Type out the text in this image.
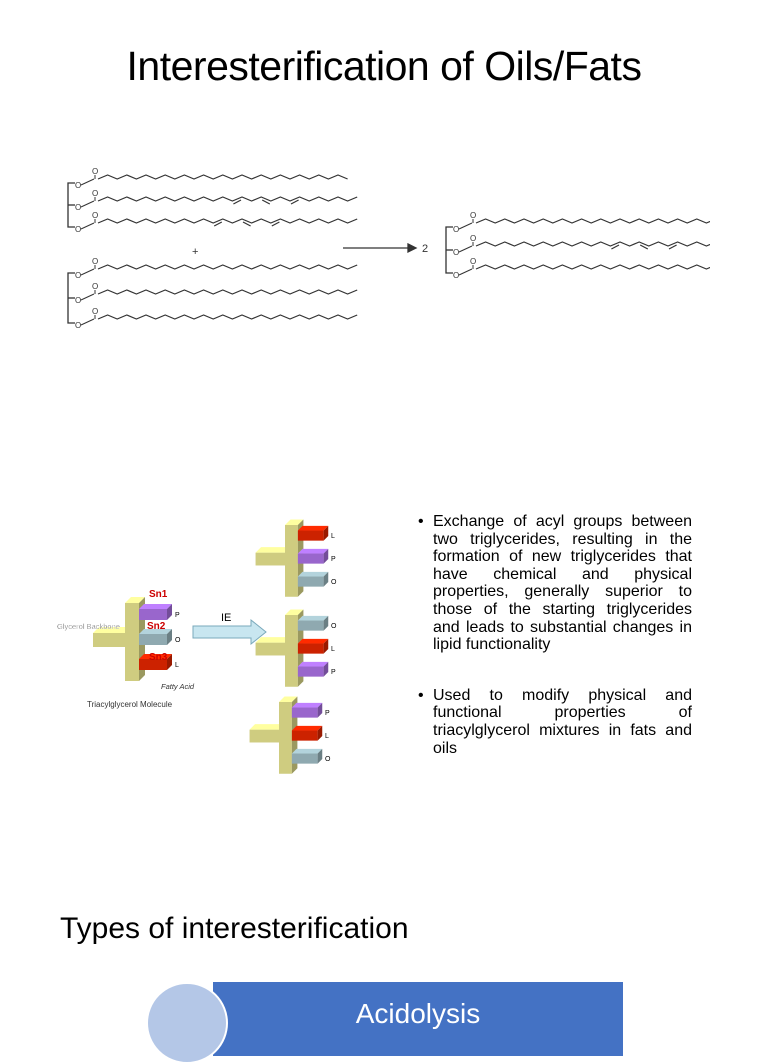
Interesterification of Oils/Fats
O
O
O
O
O
O
O
O
O
O
O
O
O
O
O
O
O
O
+	2
P
O
L
L
P
O
O
L
P
P
L
O
IE
Glycerol Backbone
Fatty Acid
Triacylglycerol Molecule
Sn1
Sn2
Sn3
• Exchange of acyl groups between two triglycerides, resulting in the formation of new triglycerides that have chemical and physical properties, generally superior to those of the starting triglycerides and leads to substantial changes in lipid functionality
• Used to modify physical and functional properties of triacylglycerol mixtures in fats and oils
Types of interesterification
Acidolysis
